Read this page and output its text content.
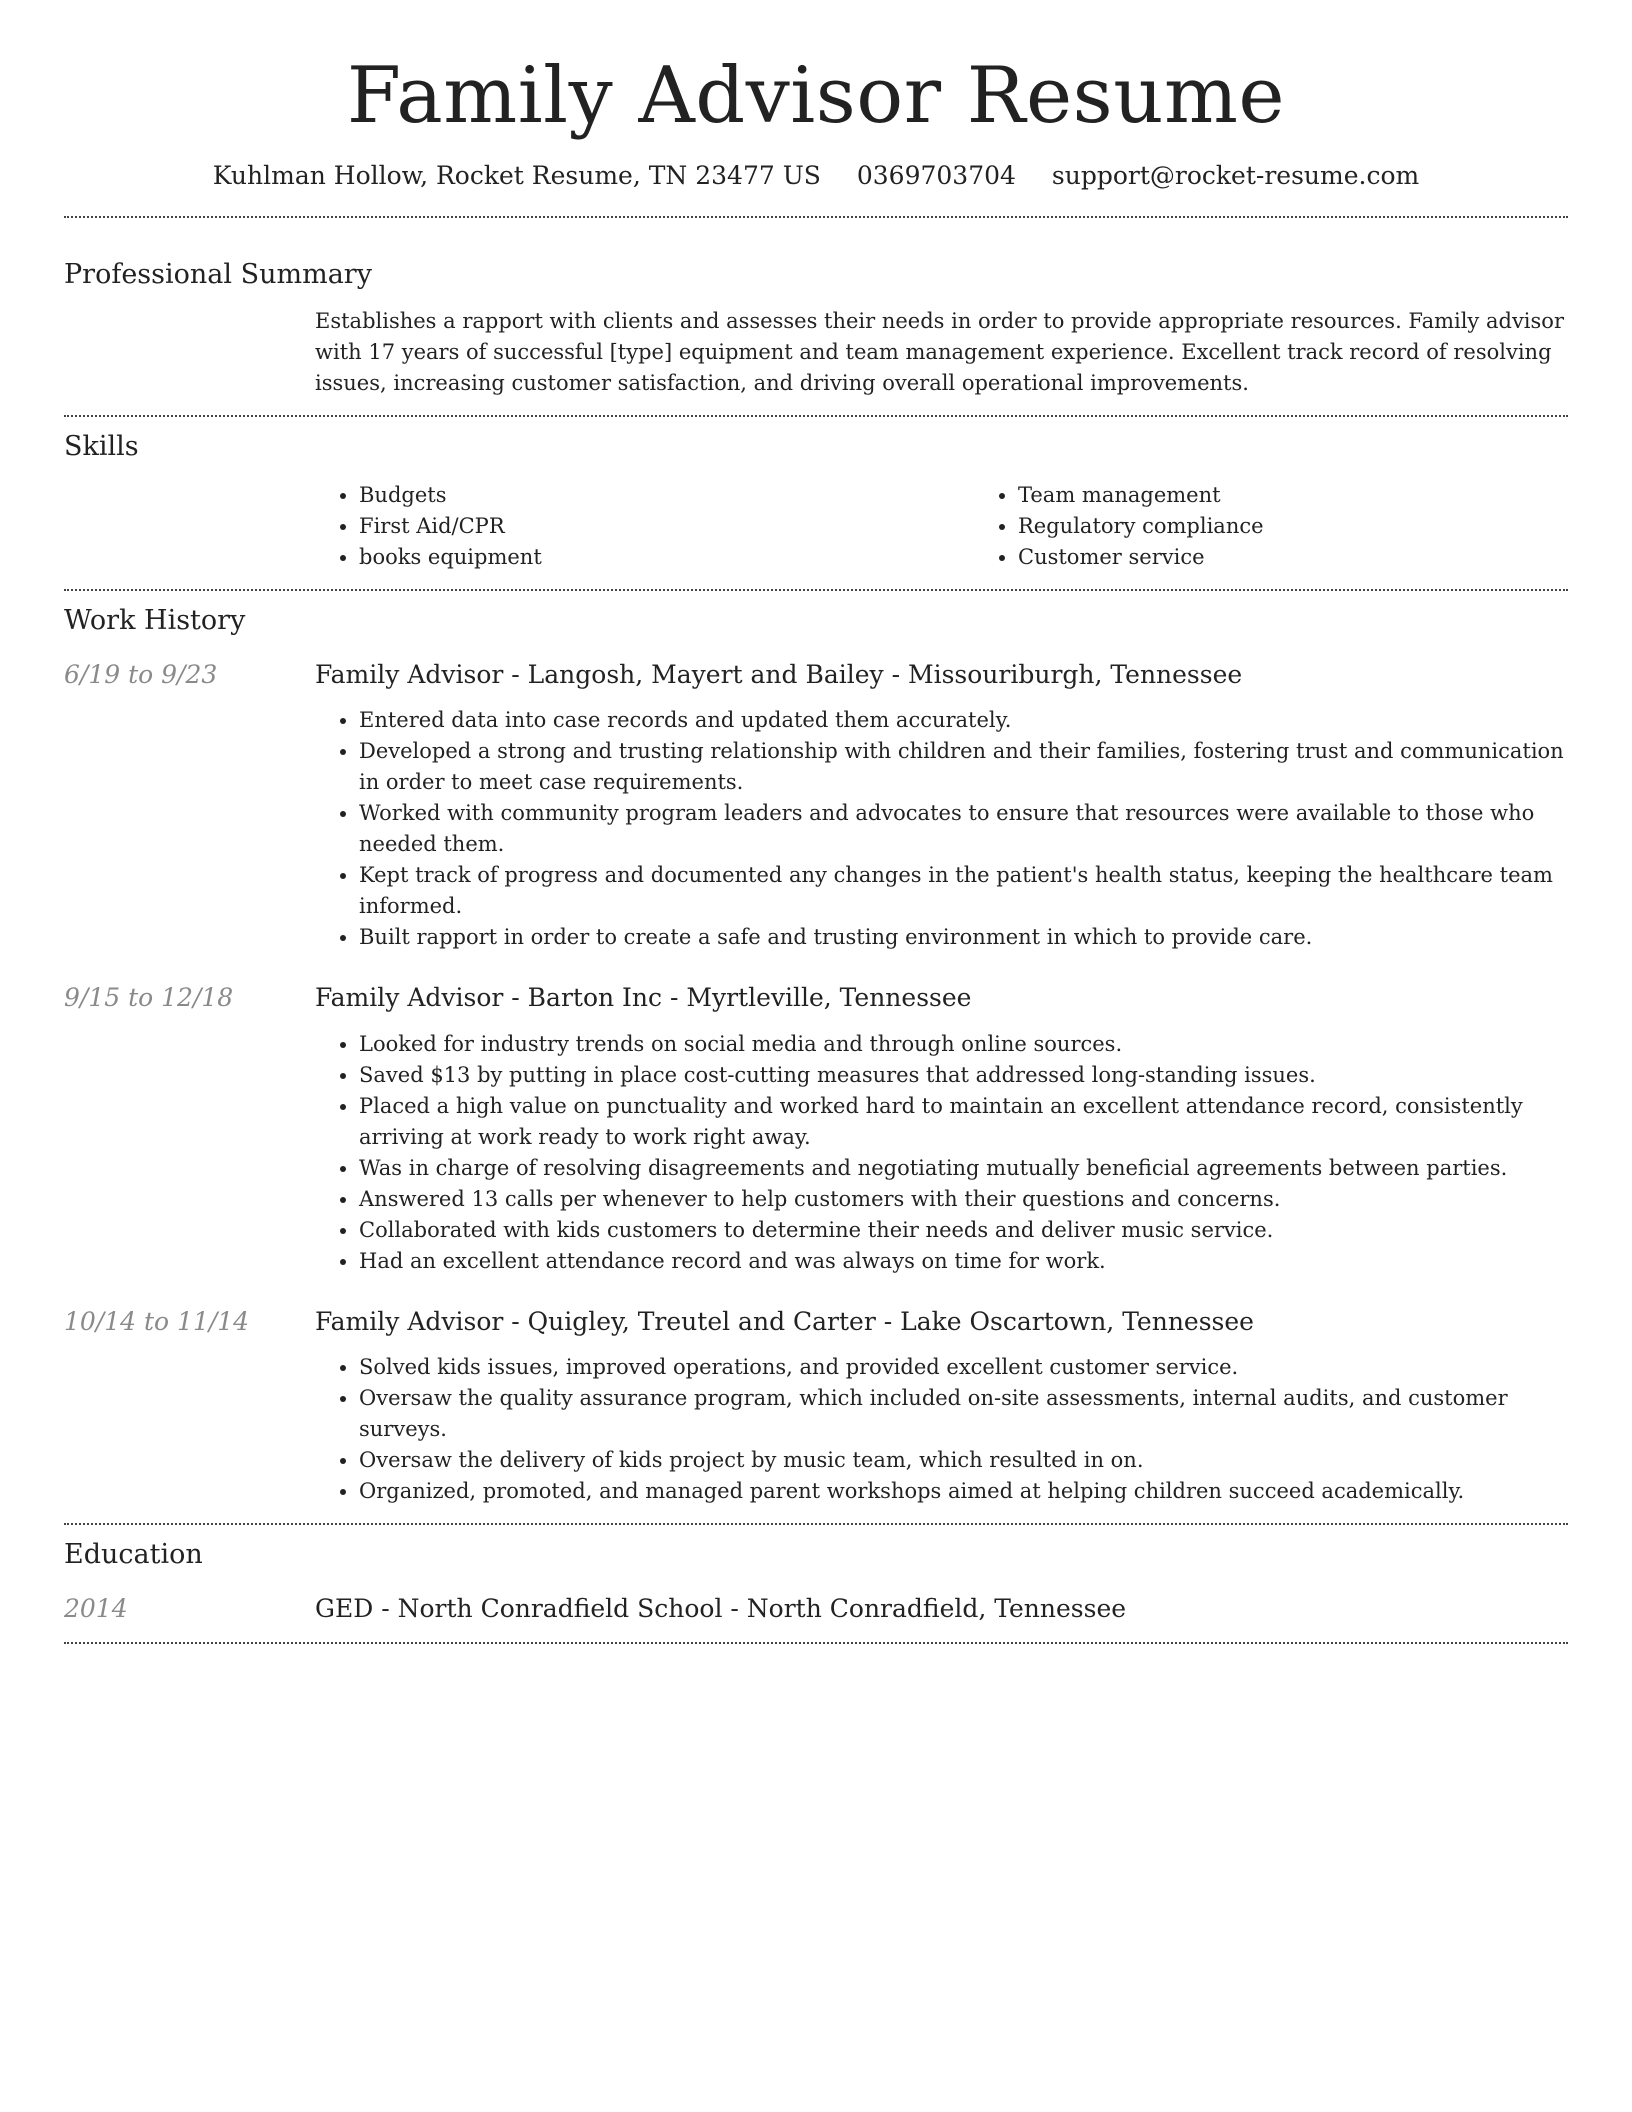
Family Advisor Resume
Kuhlman Hollow, Rocket Resume, TN 23477 US 0369703704 support@rocket-resume.com
Professional Summary

Establishes a rapport with clients and assesses their needs in order to provide appropriate resources. Family advisor with 17 years of successful [type] equipment and team management experience. Excellent track record of resolving issues, increasing customer satisfaction, and driving overall operational improvements.

Skills
• Budgets
• First Aid/CPR
• books equipment
• Team management
• Regulatory compliance
• Customer service
Work History
6/19 to 9/23	Family Advisor - Langosh, Mayert and Bailey - Missouriburgh, Tennessee
• Entered data into case records and updated them accurately.
• Developed a strong and trusting relationship with children and their families, fostering trust and communication in order to meet case requirements.
• Worked with community program leaders and advocates to ensure that resources were available to those who needed them.
• Kept track of progress and documented any changes in the patient's health status, keeping the healthcare team informed.
• Built rapport in order to create a safe and trusting environment in which to provide care.
9/15 to 12/18	Family Advisor - Barton Inc - Myrtleville, Tennessee
• Looked for industry trends on social media and through online sources.
• Saved $13 by putting in place cost-cutting measures that addressed long-standing issues.
• Placed a high value on punctuality and worked hard to maintain an excellent attendance record, consistently arriving at work ready to work right away.
• Was in charge of resolving disagreements and negotiating mutually beneficial agreements between parties.
• Answered 13 calls per whenever to help customers with their questions and concerns.
• Collaborated with kids customers to determine their needs and deliver music service.
• Had an excellent attendance record and was always on time for work.
10/14 to 11/14	Family Advisor - Quigley, Treutel and Carter - Lake Oscartown, Tennessee
• Solved kids issues, improved operations, and provided excellent customer service.
• Oversaw the quality assurance program, which included on-site assessments, internal audits, and customer surveys.
• Oversaw the delivery of kids project by music team, which resulted in on.
• Organized, promoted, and managed parent workshops aimed at helping children succeed academically.
Education
2014	GED - North Conradfield School - North Conradfield, Tennessee
